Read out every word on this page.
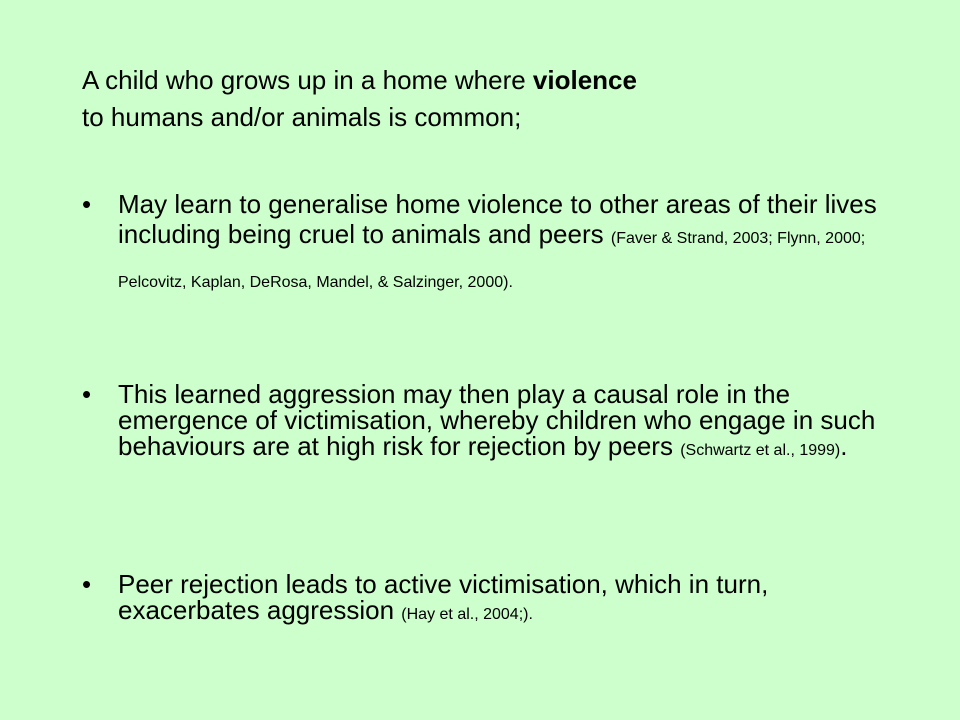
A child who grows up in a home where violence
to humans and/or animals is common;
• May learn to generalise home violence to other areas of their lives including being cruel to animals and peers (Faver & Strand, 2003; Flynn, 2000; Pelcovitz, Kaplan, DeRosa, Mandel, & Salzinger, 2000).
• This learned aggression may then play a causal role in the emergence of victimisation, whereby children who engage in such behaviours are at high risk for rejection by peers (Schwartz et al., 1999).
• Peer rejection leads to active victimisation, which in turn, exacerbates aggression (Hay et al., 2004;).
